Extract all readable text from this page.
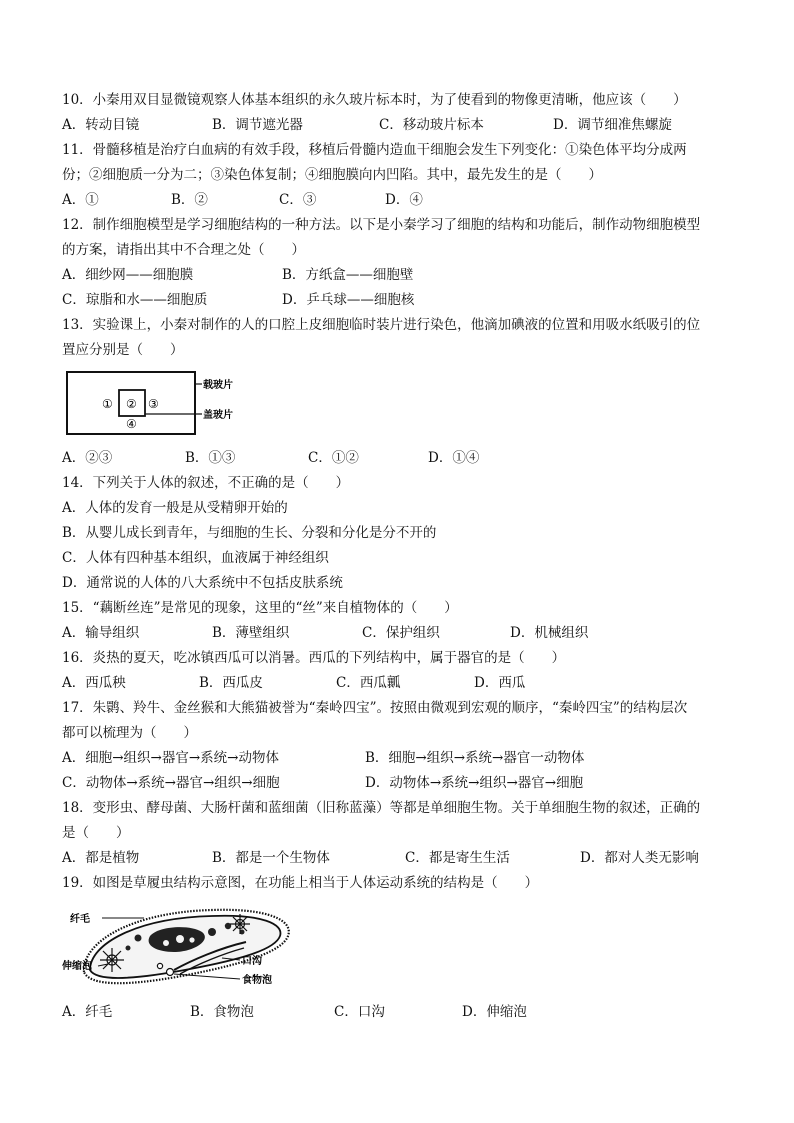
10．小秦用双目显微镜观察人体基本组织的永久玻片标本时，为了使看到的物像更清晰，他应该（　　）
A．转动目镜	B．调节遮光器	C．移动玻片标本	D．调节细准焦螺旋
11．骨髓移植是治疗白血病的有效手段，移植后骨髓内造血干细胞会发生下列变化：①染色体平均分成两
份；②细胞质一分为二；③染色体复制；④细胞膜向内凹陷。其中，最先发生的是（　　）
A．①	B．②	C．③	D．④
12．制作细胞模型是学习细胞结构的一种方法。以下是小秦学习了细胞的结构和功能后，制作动物细胞模型
的方案，请指出其中不合理之处（　　）
A．细纱网——细胞膜	B．方纸盒——细胞壁
C．琼脂和水——细胞质	D．乒乓球——细胞核
13．实验课上，小秦对制作的人的口腔上皮细胞临时装片进行染色，他滴加碘液的位置和用吸水纸吸引的位
置应分别是（　　）
① ② ③
④
载玻片
盖玻片
A．②③	B．①③	C．①②	D．①④
14．下列关于人体的叙述，不正确的是（　　）
A．人体的发育一般是从受精卵开始的
B．从婴儿成长到青年，与细胞的生长、分裂和分化是分不开的
C．人体有四种基本组织，血液属于神经组织
D．通常说的人体的八大系统中不包括皮肤系统
15．“藕断丝连”是常见的现象，这里的“丝”来自植物体的（　　）
A．输导组织	B．薄壁组织	C．保护组织	D．机械组织
16．炎热的夏天，吃冰镇西瓜可以消暑。西瓜的下列结构中，属于器官的是（　　）
A．西瓜秧	B．西瓜皮	C．西瓜瓤	D．西瓜
17．朱鹮、羚牛、金丝猴和大熊猫被誉为“秦岭四宝”。按照由微观到宏观的顺序，“秦岭四宝”的结构层次
都可以梳理为（　　）
A．细胞→组织→器官→系统→动物体	B．细胞→组织→系统→器官一动物体
C．动物体→系统→器官→组织→细胞	D．动物体→系统→组织→器官→细胞
18．变形虫、酵母菌、大肠杆菌和蓝细菌（旧称蓝藻）等都是单细胞生物。关于单细胞生物的叙述，正确的
是（　　）
A．都是植物	B．都是一个生物体	C．都是寄生生活	D．都对人类无影响
19．如图是草履虫结构示意图，在功能上相当于人体运动系统的结构是（　　）
纤毛
伸缩泡	口沟
食物泡
A．纤毛	B．食物泡	C．口沟	D．伸缩泡
